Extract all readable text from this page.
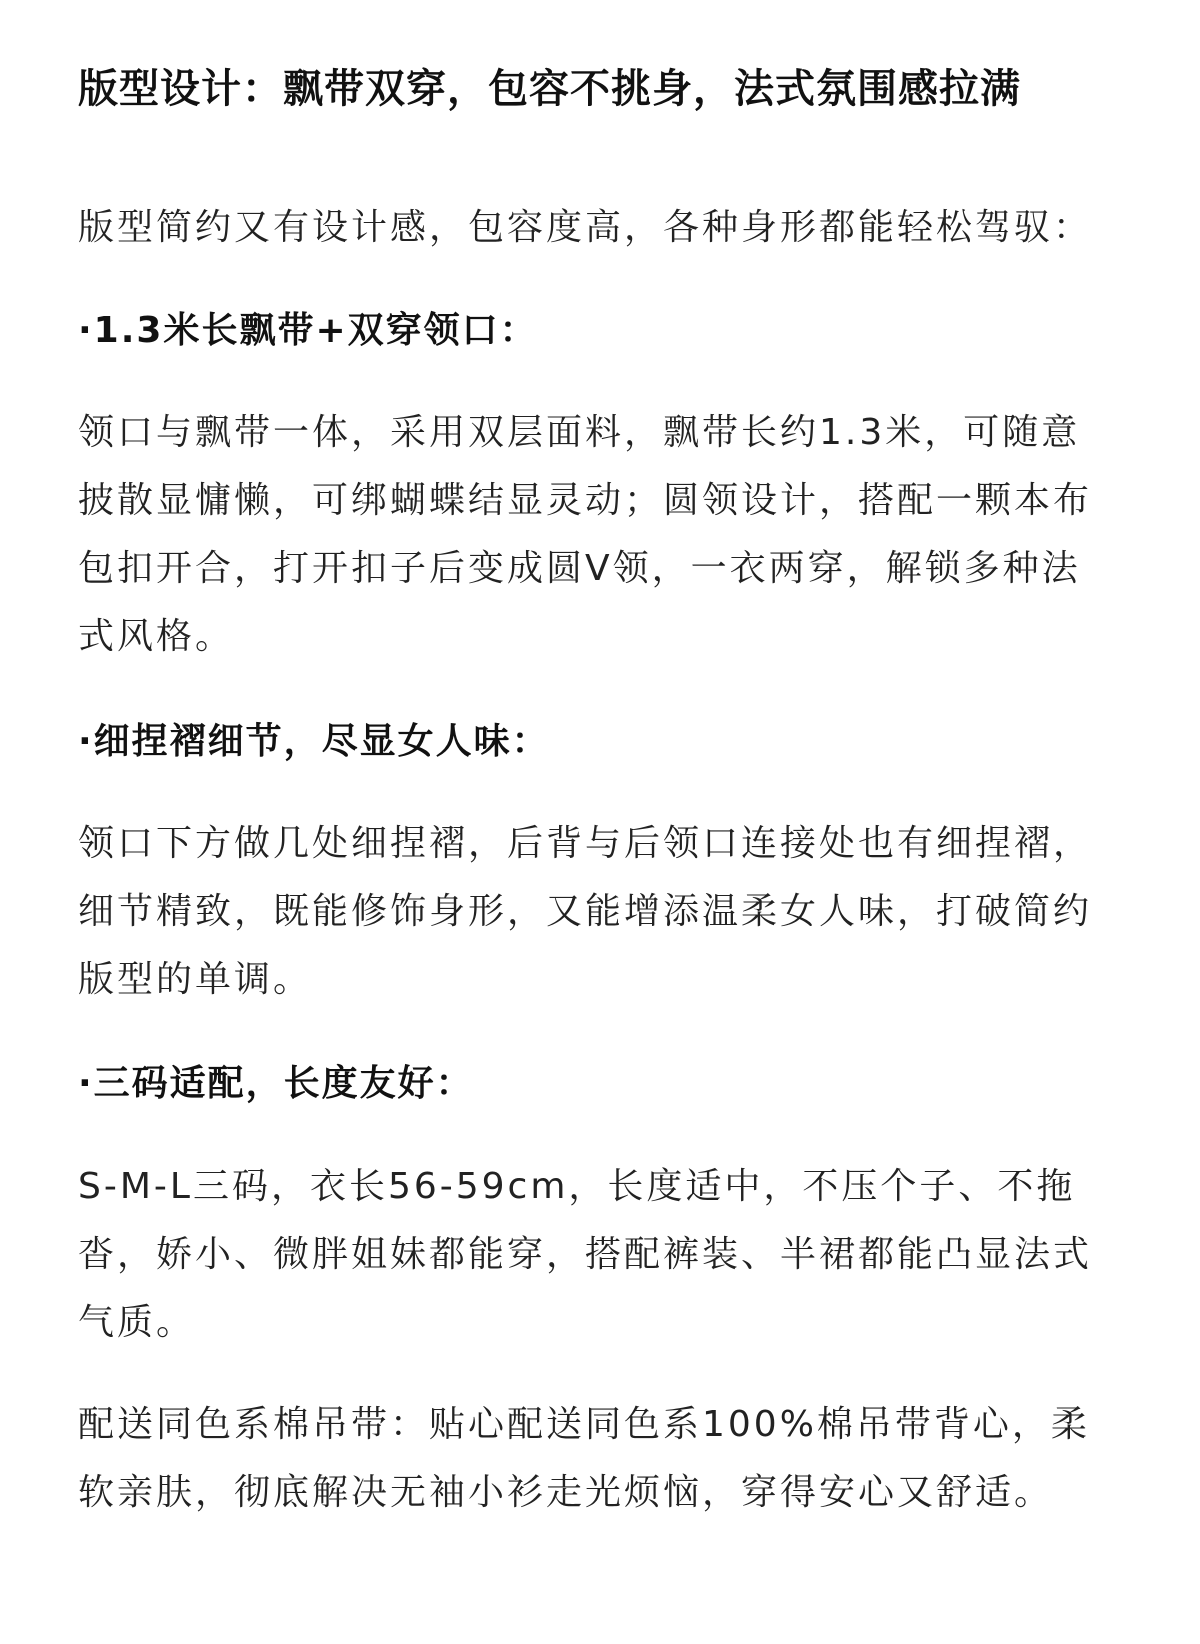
版型设计：飘带双穿，包容不挑身，法式氛围感拉满
版型简约又有设计感，包容度高，各种身形都能轻松驾驭：
·1.3米长飘带+双穿领口：
领口与飘带一体，采用双层面料，飘带长约1.3米，可随意
披散显慵懒，可绑蝴蝶结显灵动；圆领设计，搭配一颗本布
包扣开合，打开扣子后变成圆V领，一衣两穿，解锁多种法
式风格。
·细捏褶细节，尽显女人味：
领口下方做几处细捏褶，后背与后领口连接处也有细捏褶，
细节精致，既能修饰身形，又能增添温柔女人味，打破简约
版型的单调。
·三码适配，长度友好：
S-M-L三码，衣长56-59cm，长度适中，不压个子、不拖
沓，娇小、微胖姐妹都能穿，搭配裤装、半裙都能凸显法式
气质。
配送同色系棉吊带：贴心配送同色系100%棉吊带背心，柔
软亲肤，彻底解决无袖小衫走光烦恼，穿得安心又舒适。
